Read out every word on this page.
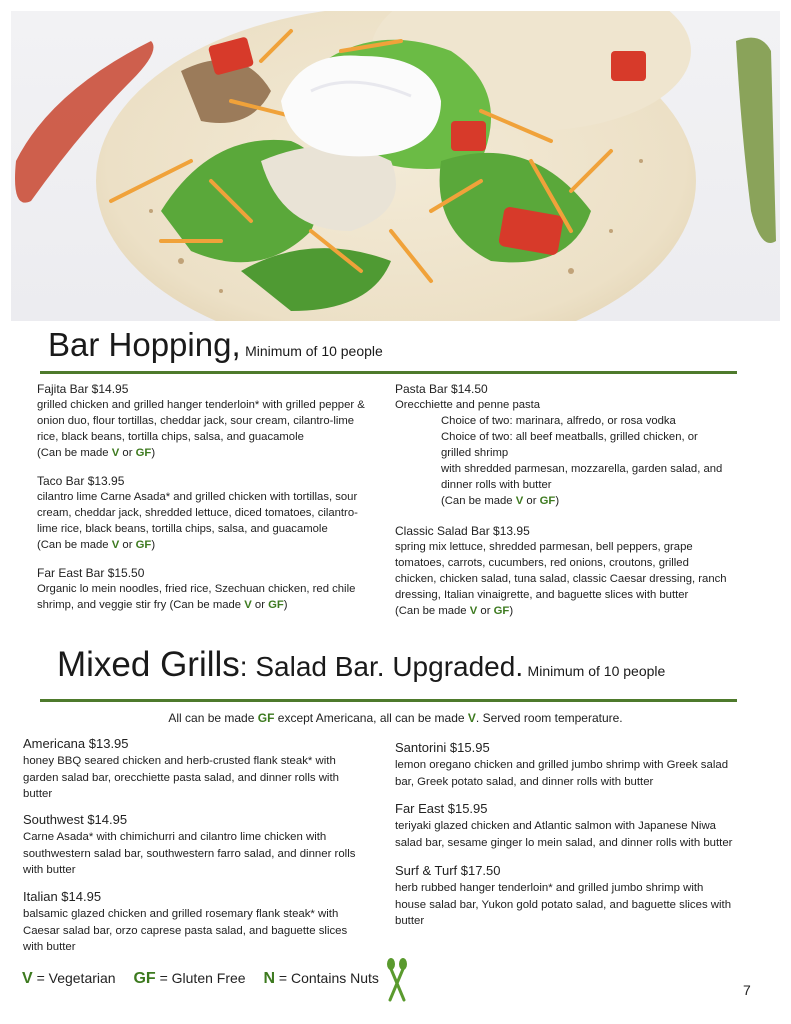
Bar Hopping, Minimum of 10 people
Fajita Bar $14.95
grilled chicken and grilled hanger tenderloin* with grilled pepper &
onion duo, flour tortillas, cheddar jack, sour cream, cilantro-lime
rice, black beans, tortilla chips, salsa, and guacamole
(Can be made V or GF)
Taco Bar $13.95
cilantro lime Carne Asada* and grilled chicken with tortillas, sour
cream, cheddar jack, shredded lettuce, diced tomatoes, cilantro-
lime rice, black beans, tortilla chips, salsa, and guacamole
(Can be made V or GF)
Far East Bar $15.50
Organic lo mein noodles, fried rice, Szechuan chicken, red chile
shrimp, and veggie stir fry (Can be made V or GF)
Pasta Bar $14.50
Orecchiette and penne pasta
Choice of two: marinara, alfredo, or rosa vodka
Choice of two: all beef meatballs, grilled chicken, or
grilled shrimp
with shredded parmesan, mozzarella, garden salad, and
dinner rolls with butter
(Can be made V or GF)
Classic Salad Bar $13.95
spring mix lettuce, shredded parmesan, bell peppers, grape
tomatoes, carrots, cucumbers, red onions, croutons, grilled
chicken, chicken salad, tuna salad, classic Caesar dressing, ranch
dressing, Italian vinaigrette, and baguette slices with butter
(Can be made V or GF)
Mixed Grills: Salad Bar. Upgraded. Minimum of 10 people
All can be made GF except Americana, all can be made V. Served room temperature.
Americana $13.95
honey BBQ seared chicken and herb-crusted flank steak* with
garden salad bar, orecchiette pasta salad, and dinner rolls with
butter
Southwest $14.95
Carne Asada* with chimichurri and cilantro lime chicken with
southwestern salad bar, southwestern farro salad, and dinner rolls
with butter
Italian $14.95
balsamic glazed chicken and grilled rosemary flank steak* with
Caesar salad bar, orzo caprese pasta salad, and baguette slices
with butter
Santorini $15.95
lemon oregano chicken and grilled jumbo shrimp with Greek salad
bar, Greek potato salad, and dinner rolls with butter
Far East $15.95
teriyaki glazed chicken and Atlantic salmon with Japanese Niwa
salad bar, sesame ginger lo mein salad, and dinner rolls with butter
Surf & Turf $17.50
herb rubbed hanger tenderloin* and grilled jumbo shrimp with
house salad bar, Yukon gold potato salad, and baguette slices with
butter
V = Vegetarian GF = Gluten Free N = Contains Nuts
7
